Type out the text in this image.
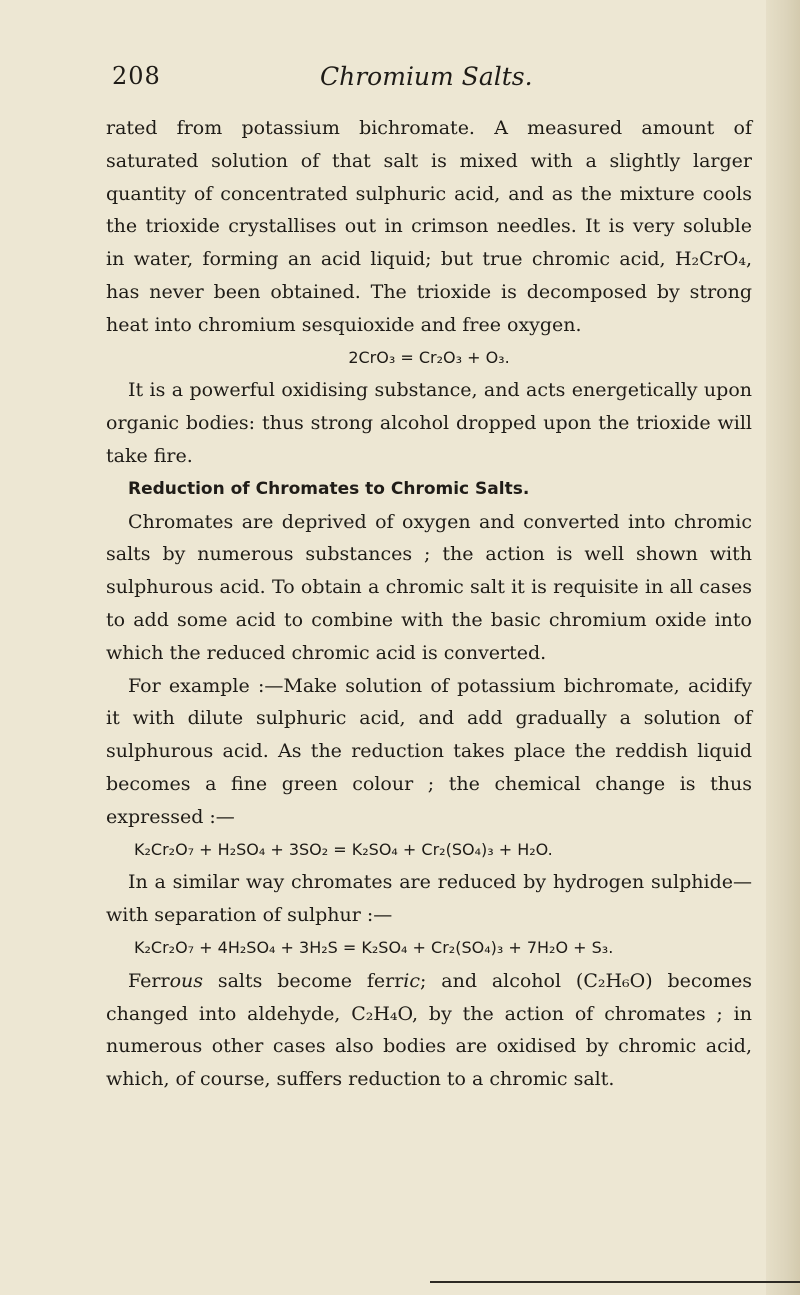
208	Chromium Salts.

rated from potassium bichromate. A measured amount of saturated solution of that salt is mixed with a slightly larger quantity of concentrated sulphuric acid, and as the mixture cools the trioxide crystallises out in crimson needles. It is very soluble in water, forming an acid liquid; but true chromic acid, H₂CrO₄, has never been obtained. The trioxide is decomposed by strong heat into chromium sesquioxide and free oxygen.

2CrO₃ = Cr₂O₃ + O₃.

It is a powerful oxidising substance, and acts energetically upon organic bodies: thus strong alcohol dropped upon the trioxide will take fire.

Reduction of Chromates to Chromic Salts.

Chromates are deprived of oxygen and converted into chromic salts by numerous substances ; the action is well shown with sulphurous acid. To obtain a chromic salt it is requisite in all cases to add some acid to combine with the basic chromium oxide into which the reduced chromic acid is converted.

For example :—Make solution of potassium bichromate, acidify it with dilute sulphuric acid, and add gradually a solution of sulphurous acid. As the reduction takes place the reddish liquid becomes a fine green colour ; the chemical change is thus expressed :—

K₂Cr₂O₇ + H₂SO₄ + 3SO₂ = K₂SO₄ + Cr₂(SO₄)₃ + H₂O.

In a similar way chromates are reduced by hydrogen sulphide—with separation of sulphur :—

K₂Cr₂O₇ + 4H₂SO₄ + 3H₂S = K₂SO₄ + Cr₂(SO₄)₃ + 7H₂O + S₃.

Ferrous salts become ferric; and alcohol (C₂H₆O) becomes changed into aldehyde, C₂H₄O, by the action of chromates ; in numerous other cases also bodies are oxidised by chromic acid, which, of course, suffers reduction to a chromic salt.
